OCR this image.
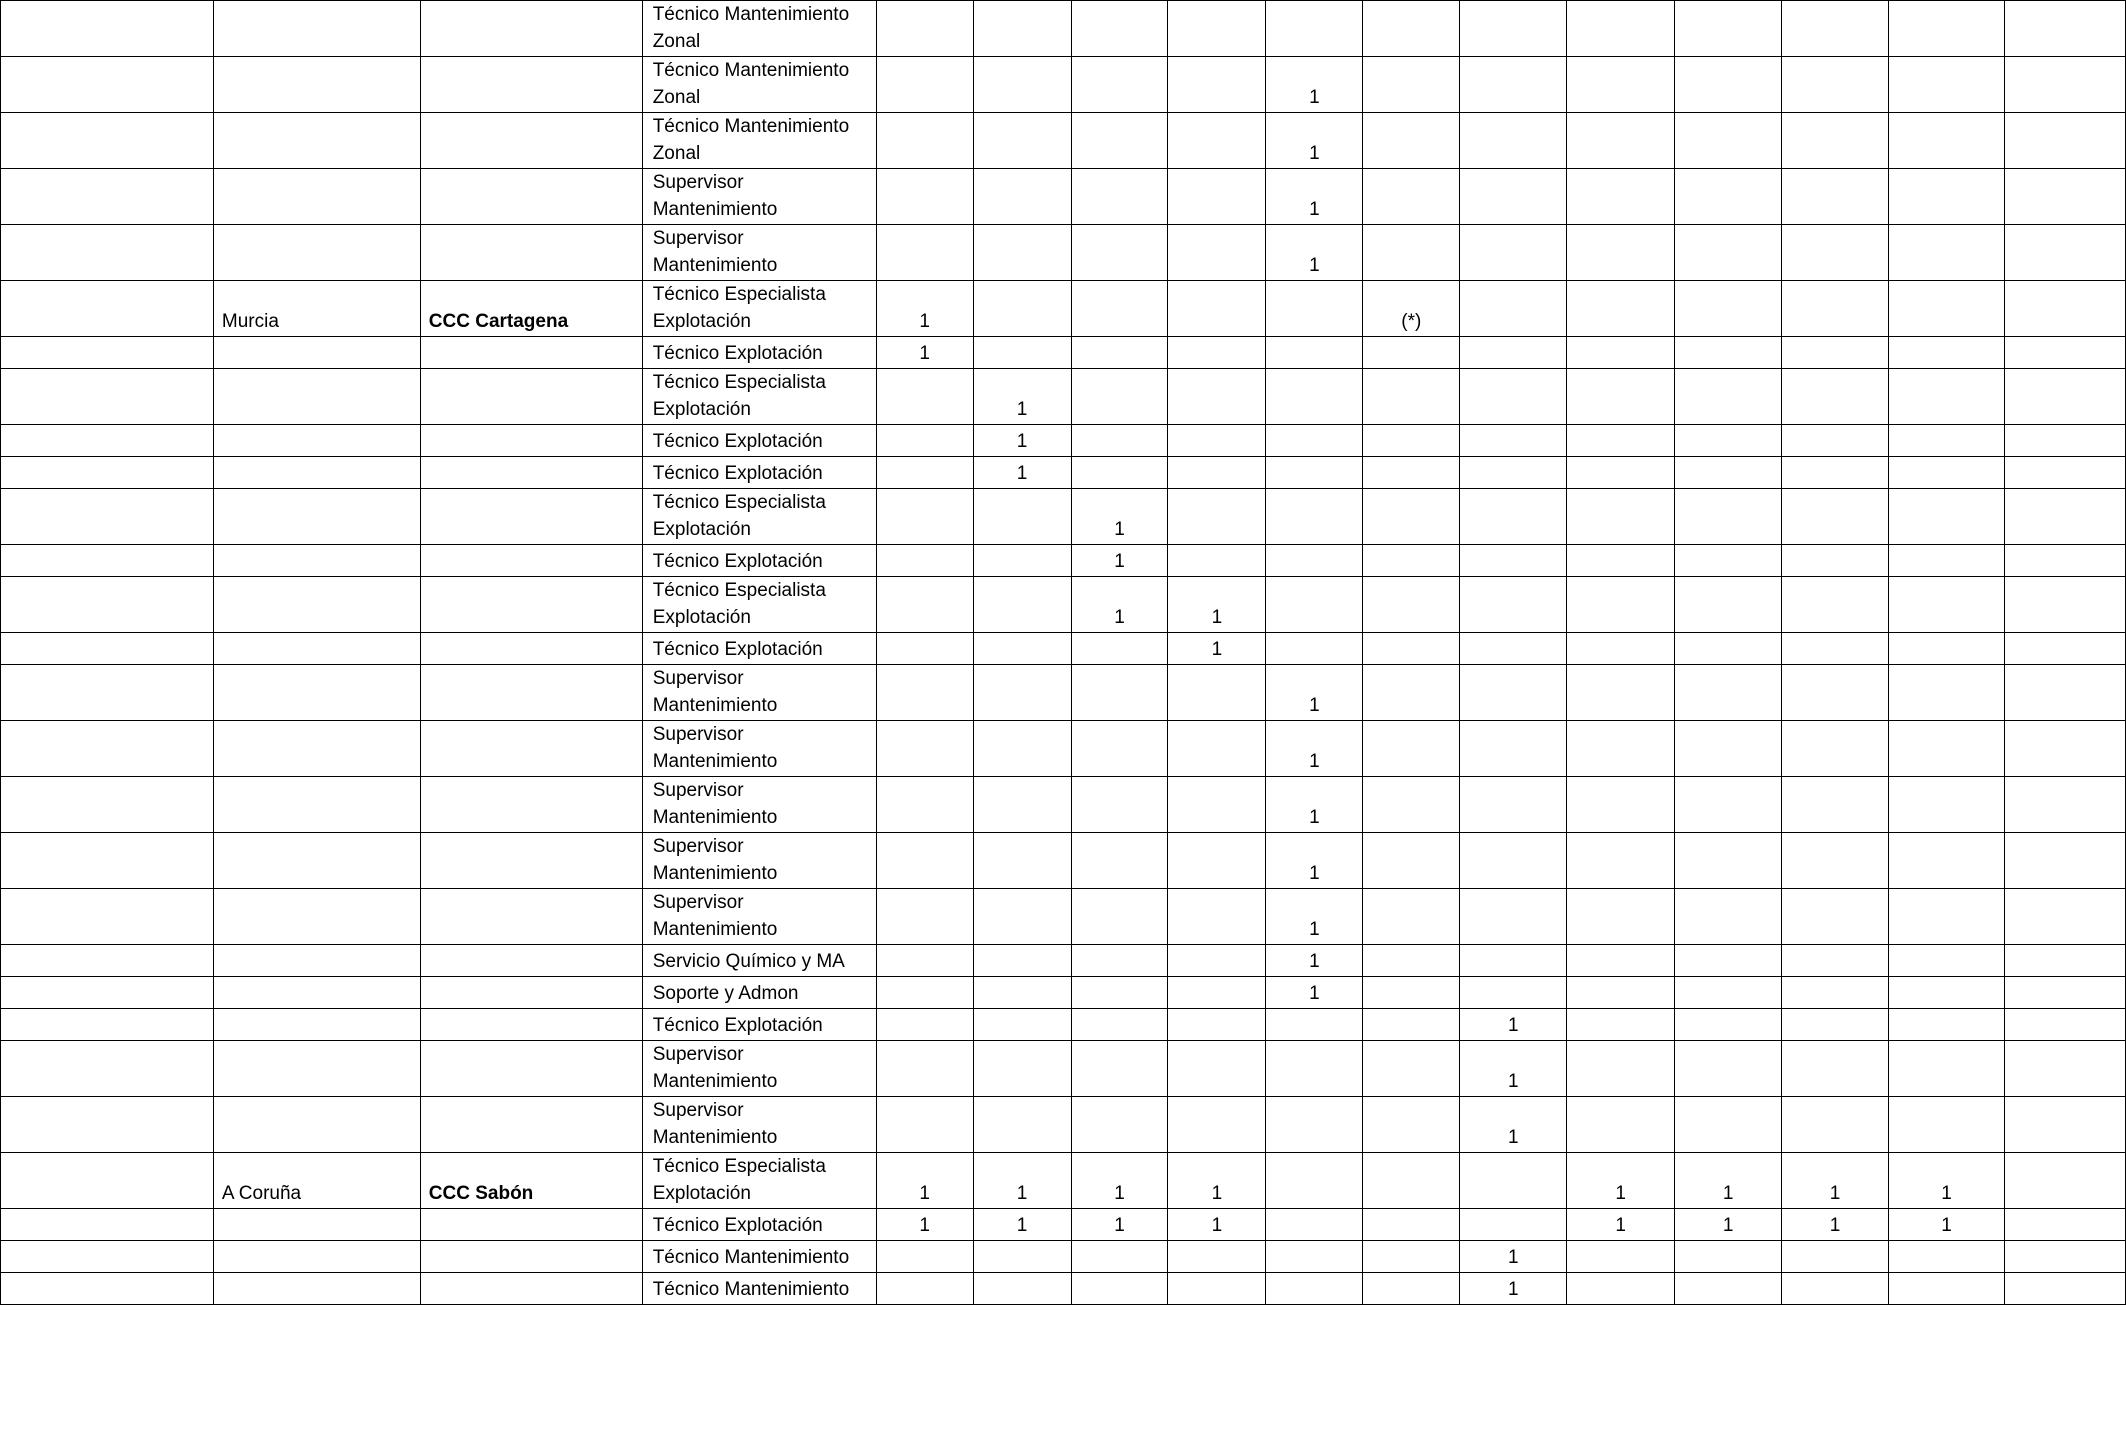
			Técnico Mantenimiento Zonal												
			Técnico Mantenimiento Zonal					1							
			Técnico Mantenimiento Zonal					1							
			Supervisor Mantenimiento					1							
			Supervisor Mantenimiento					1							
	Murcia	CCC Cartagena	Técnico Especialista Explotación	1					(*)						
			Técnico Explotación	1											
			Técnico Especialista Explotación		1										
			Técnico Explotación		1										
			Técnico Explotación		1										
			Técnico Especialista Explotación			1									
			Técnico Explotación			1									
			Técnico Especialista Explotación			1	1								
			Técnico Explotación				1								
			Supervisor Mantenimiento					1							
			Supervisor Mantenimiento					1							
			Supervisor Mantenimiento					1							
			Supervisor Mantenimiento					1							
			Supervisor Mantenimiento					1							
			Servicio Químico y MA					1							
			Soporte y Admon					1							
			Técnico Explotación							1					
			Supervisor Mantenimiento							1					
			Supervisor Mantenimiento							1					
	A Coruña	CCC Sabón	Técnico Especialista Explotación	1	1	1	1				1	1	1	1	
			Técnico Explotación	1	1	1	1				1	1	1	1	
			Técnico Mantenimiento							1					
			Técnico Mantenimiento							1					
